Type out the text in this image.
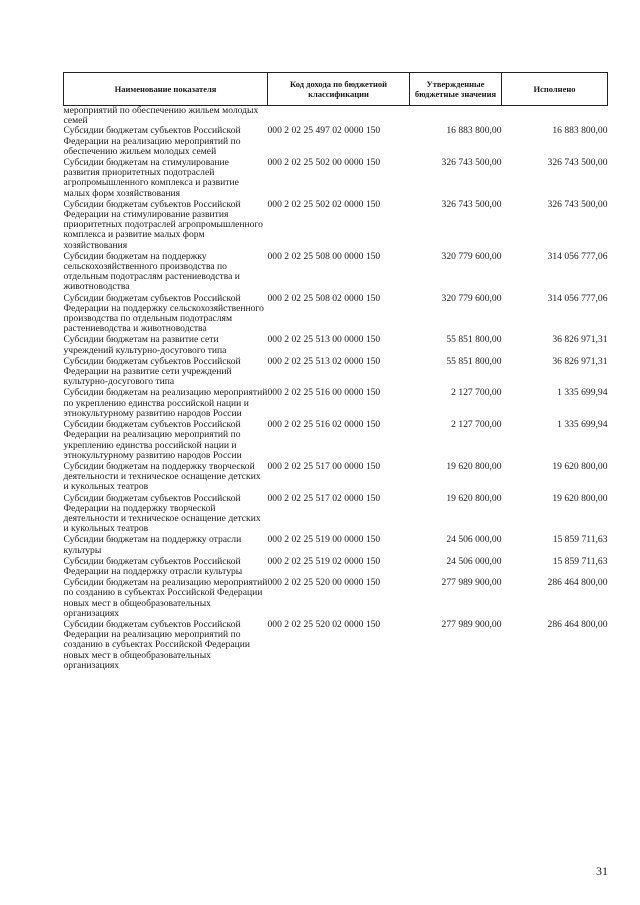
Наименование показателя	Код дохода по бюджетной классификации	Утвержденные бюджетные значения	Исполнено
мероприятий по обеспечению жильем молодых семей			
Субсидии бюджетам субъектов Российской Федерации на реализацию мероприятий по обеспечению жильем молодых семей	000 2 02 25 497 02 0000 150	16 883 800,00	16 883 800,00
Субсидии бюджетам на стимулирование развития приоритетных подотраслей агропромышленного комплекса и развитие малых форм хозяйствования	000 2 02 25 502 00 0000 150	326 743 500,00	326 743 500,00
Субсидии бюджетам субъектов Российской Федерации на стимулирование развития приоритетных подотраслей агропромышленного комплекса и развитие малых форм хозяйствования	000 2 02 25 502 02 0000 150	326 743 500,00	326 743 500,00
Субсидии бюджетам на поддержку сельскохозяйственного производства по отдельным подотраслям растениеводства и животноводства	000 2 02 25 508 00 0000 150	320 779 600,00	314 056 777,06
Субсидии бюджетам субъектов Российской Федерации на поддержку сельскохозяйственного производства по отдельным подотраслям растениеводства и животноводства	000 2 02 25 508 02 0000 150	320 779 600,00	314 056 777,06
Субсидии бюджетам на развитие сети учреждений культурно-досугового типа	000 2 02 25 513 00 0000 150	55 851 800,00	36 826 971,31
Субсидии бюджетам субъектов Российской Федерации на развитие сети учреждений культурно-досугового типа	000 2 02 25 513 02 0000 150	55 851 800,00	36 826 971,31
Субсидии бюджетам на реализацию мероприятий по укреплению единства российской нации и этнокультурному развитию народов России	000 2 02 25 516 00 0000 150	2 127 700,00	1 335 699,94
Субсидии бюджетам субъектов Российской Федерации на реализацию мероприятий по укреплению единства российской нации и этнокультурному развитию народов России	000 2 02 25 516 02 0000 150	2 127 700,00	1 335 699,94
Субсидии бюджетам на поддержку творческой деятельности и техническое оснащение детских и кукольных театров	000 2 02 25 517 00 0000 150	19 620 800,00	19 620 800,00
Субсидии бюджетам субъектов Российской Федерации на поддержку творческой деятельности и техническое оснащение детских и кукольных театров	000 2 02 25 517 02 0000 150	19 620 800,00	19 620 800,00
Субсидии бюджетам на поддержку отрасли культуры	000 2 02 25 519 00 0000 150	24 506 000,00	15 859 711,63
Субсидии бюджетам субъектов Российской Федерации на поддержку отрасли культуры	000 2 02 25 519 02 0000 150	24 506 000,00	15 859 711,63
Субсидии бюджетам на реализацию мероприятий по созданию в субъектах Российской Федерации новых мест в общеобразовательных организациях	000 2 02 25 520 00 0000 150	277 989 900,00	286 464 800,00
Субсидии бюджетам субъектов Российской Федерации на реализацию мероприятий по созданию в субъектах Российской Федерации новых мест в общеобразовательных организациях	000 2 02 25 520 02 0000 150	277 989 900,00	286 464 800,00
31
